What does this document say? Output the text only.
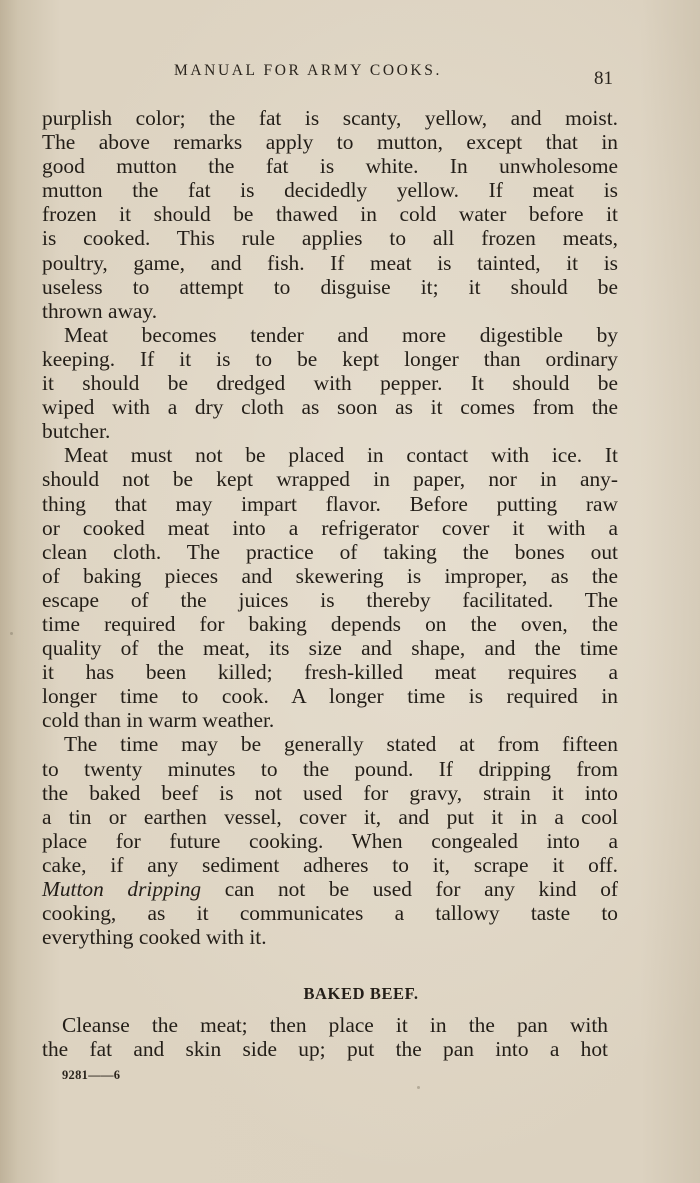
MANUAL FOR ARMY COOKS.	81
purplish color; the fat is scanty, yellow, and moist.
The above remarks apply to mutton, except that in
good mutton the fat is white. In unwholesome
mutton the fat is decidedly yellow. If meat is
frozen it should be thawed in cold water before it
is cooked. This rule applies to all frozen meats,
poultry, game, and fish. If meat is tainted, it is
useless to attempt to disguise it; it should be
thrown away.
Meat becomes tender and more digestible by
keeping. If it is to be kept longer than ordinary
it should be dredged with pepper. It should be
wiped with a dry cloth as soon as it comes from the
butcher.
Meat must not be placed in contact with ice. It
should not be kept wrapped in paper, nor in any-
thing that may impart flavor. Before putting raw
or cooked meat into a refrigerator cover it with a
clean cloth. The practice of taking the bones out
of baking pieces and skewering is improper, as the
escape of the juices is thereby facilitated. The
time required for baking depends on the oven, the
quality of the meat, its size and shape, and the time
it has been killed; fresh-killed meat requires a
longer time to cook. A longer time is required in
cold than in warm weather.
The time may be generally stated at from fifteen
to twenty minutes to the pound. If dripping from
the baked beef is not used for gravy, strain it into
a tin or earthen vessel, cover it, and put it in a cool
place for future cooking. When congealed into a
cake, if any sediment adheres to it, scrape it off.
Mutton dripping can not be used for any kind of
cooking, as it communicates a tallowy taste to
everything cooked with it.
BAKED BEEF.
Cleanse the meat; then place it in the pan with
the fat and skin side up; put the pan into a hot
9281——6
